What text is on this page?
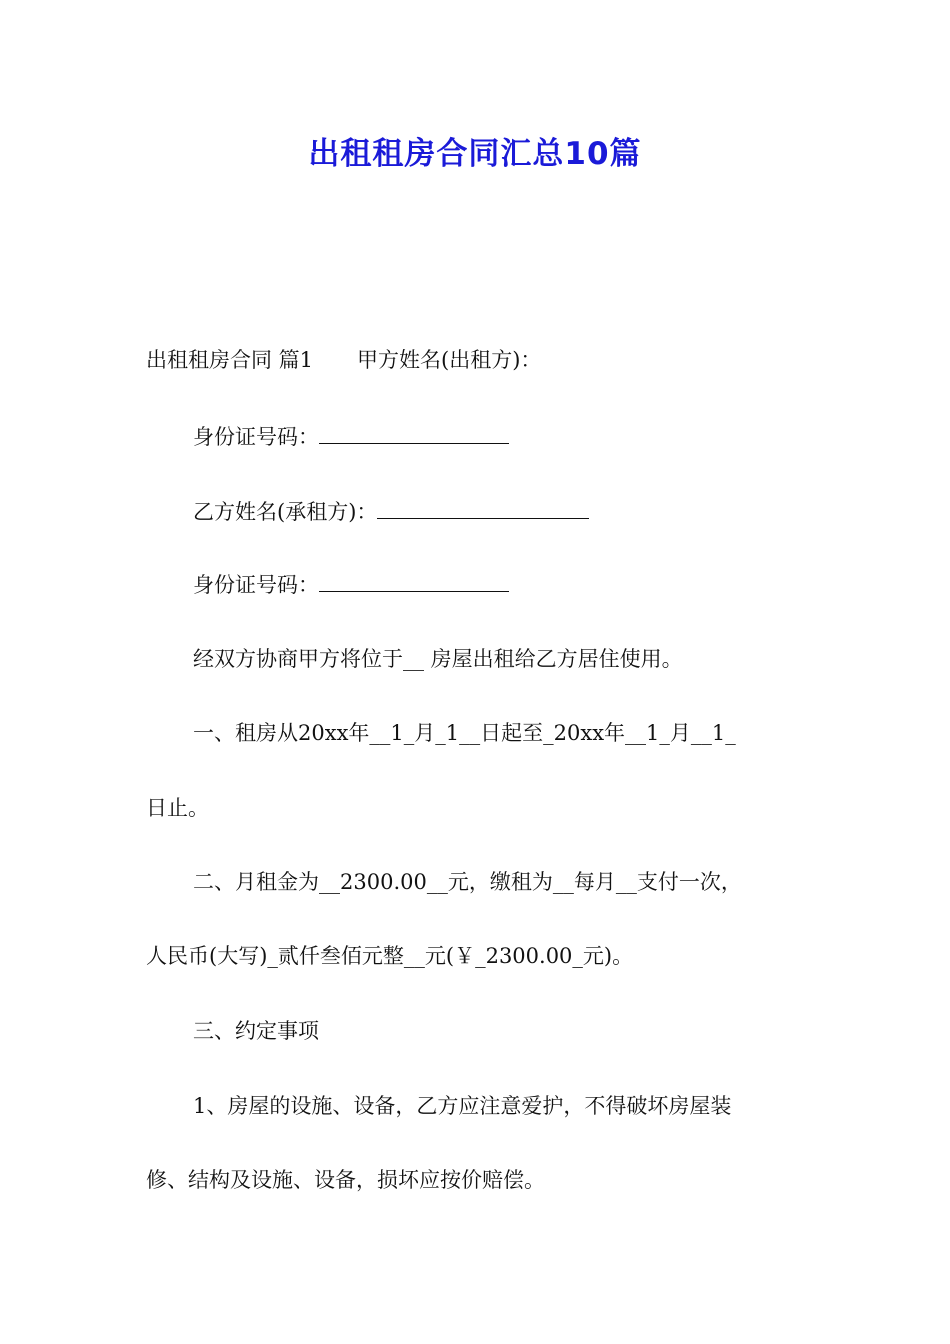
出租租房合同汇总10篇

出租租房合同 篇1 甲方姓名(出租方)：

身份证号码：

乙方姓名(承租方)：

身份证号码：

经双方协商甲方将位于__ 房屋出租给乙方居住使用。

一、租房从20xx年__1_月_1__日起至_20xx年__1_月__1_

日止。

二、月租金为__2300.00__元，缴租为__每月__支付一次，

人民币(大写)_贰仟叁佰元整__元(￥_2300.00_元)。

三、约定事项

1、房屋的设施、设备，乙方应注意爱护，不得破坏房屋装

修、结构及设施、设备，损坏应按价赔偿。
